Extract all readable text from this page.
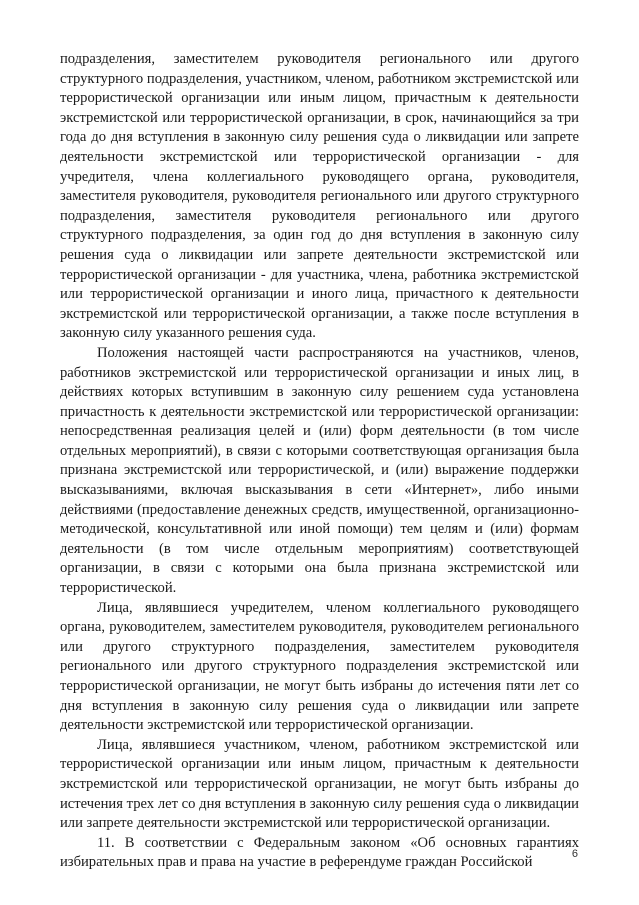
подразделения, заместителем руководителя регионального или другого структурного подразделения, участником, членом, работником экстремистской или террористической организации или иным лицом, причастным к деятельности экстремистской или террористической организации, в срок, начинающийся за три года до дня вступления в законную силу решения суда о ликвидации или запрете деятельности экстремистской или террористической организации - для учредителя, члена коллегиального руководящего органа, руководителя, заместителя руководителя, руководителя регионального или другого структурного подразделения, заместителя руководителя регионального или другого структурного подразделения, за один год до дня вступления в законную силу решения суда о ликвидации или запрете деятельности экстремистской или террористической организации - для участника, члена, работника экстремистской или террористической организации и иного лица, причастного к деятельности экстремистской или террористической организации, а также после вступления в законную силу указанного решения суда.

Положения настоящей части распространяются на участников, членов, работников экстремистской или террористической организации и иных лиц, в действиях которых вступившим в законную силу решением суда установлена причастность к деятельности экстремистской или террористической организации: непосредственная реализация целей и (или) форм деятельности (в том числе отдельных мероприятий), в связи с которыми соответствующая организация была признана экстремистской или террористической, и (или) выражение поддержки высказываниями, включая высказывания в сети «Интернет», либо иными действиями (предоставление денежных средств, имущественной, организационно-методической, консультативной или иной помощи) тем целям и (или) формам деятельности (в том числе отдельным мероприятиям) соответствующей организации, в связи с которыми она была признана экстремистской или террористической.

Лица, являвшиеся учредителем, членом коллегиального руководящего органа, руководителем, заместителем руководителя, руководителем регионального или другого структурного подразделения, заместителем руководителя регионального или другого структурного подразделения экстремистской или террористической организации, не могут быть избраны до истечения пяти лет со дня вступления в законную силу решения суда о ликвидации или запрете деятельности экстремистской или террористической организации.

Лица, являвшиеся участником, членом, работником экстремистской или террористической организации или иным лицом, причастным к деятельности экстремистской или террористической организации, не могут быть избраны до истечения трех лет со дня вступления в законную силу решения суда о ликвидации или запрете деятельности экстремистской или террористической организации.

11. В соответствии с Федеральным законом «Об основных гарантиях избирательных прав и права на участие в референдуме граждан Российской

6
